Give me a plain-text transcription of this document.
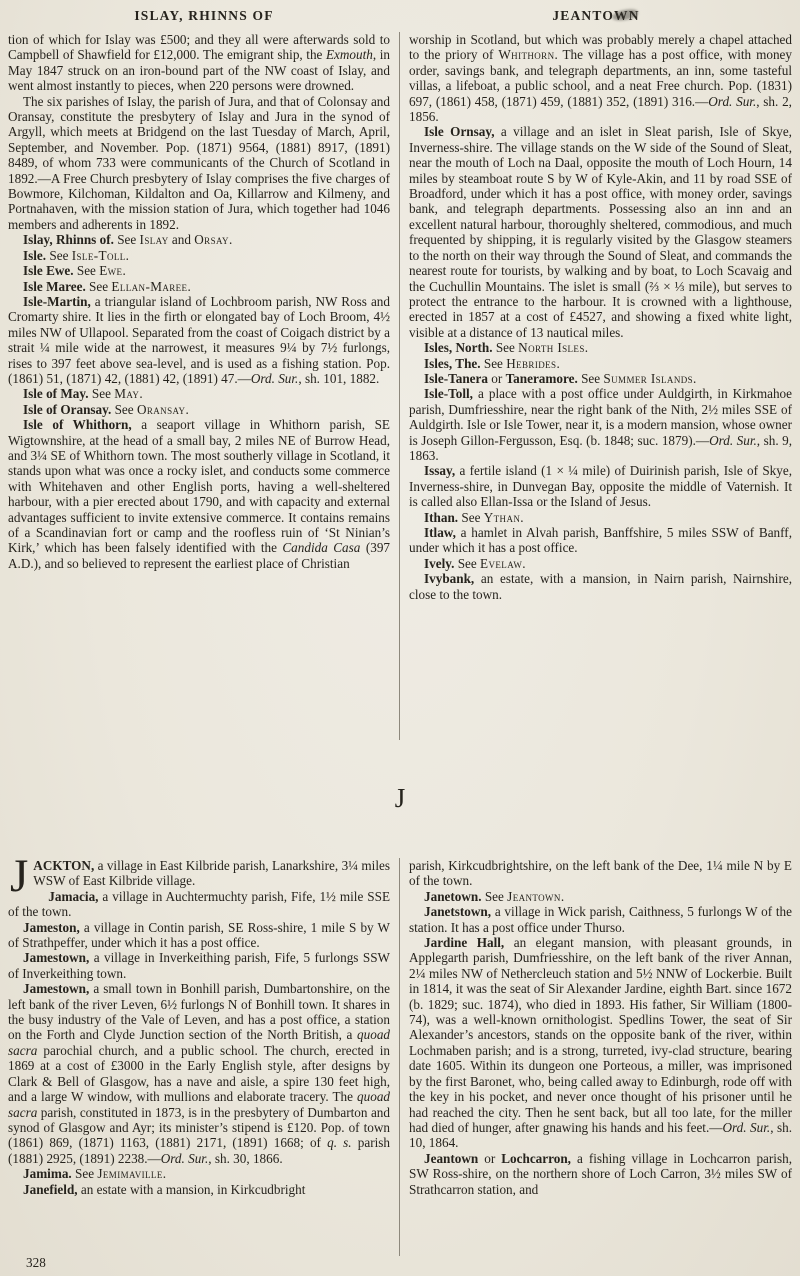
ISLAY, RHINNS OF	JEANTOWN

tion of which for Islay was £500; and they all were afterwards sold to Campbell of Shawfield for £12,000. The emigrant ship, the Exmouth, in May 1847 struck on an iron-bound part of the NW coast of Islay, and went almost instantly to pieces, when 220 persons were drowned.

The six parishes of Islay, the parish of Jura, and that of Colonsay and Oransay, constitute the presbytery of Islay and Jura in the synod of Argyll, which meets at Bridgend on the last Tuesday of March, April, September, and November. Pop. (1871) 9564, (1881) 8917, (1891) 8489, of whom 733 were communicants of the Church of Scotland in 1892.—A Free Church presbytery of Islay comprises the five charges of Bowmore, Kilchoman, Kildalton and Oa, Killarrow and Kilmeny, and Portnahaven, with the mission station of Jura, which together had 1046 members and adherents in 1892.

Islay, Rhinns of. See Islay and Orsay.

Isle. See Isle-Toll.

Isle Ewe. See Ewe.

Isle Maree. See Ellan-Maree.

Isle-Martin, a triangular island of Lochbroom parish, NW Ross and Cromarty shire. It lies in the firth or elongated bay of Loch Broom, 4½ miles NW of Ullapool. Separated from the coast of Coigach district by a strait ¼ mile wide at the narrowest, it measures 9¼ by 7½ furlongs, rises to 397 feet above sea-level, and is used as a fishing station. Pop. (1861) 51, (1871) 42, (1881) 42, (1891) 47.—Ord. Sur., sh. 101, 1882.

Isle of May. See May.

Isle of Oransay. See Oransay.

Isle of Whithorn, a seaport village in Whithorn parish, SE Wigtownshire, at the head of a small bay, 2 miles NE of Burrow Head, and 3¼ SE of Whithorn town. The most southerly village in Scotland, it stands upon what was once a rocky islet, and conducts some commerce with Whitehaven and other English ports, having a well-sheltered harbour, with a pier erected about 1790, and with capacity and external advantages sufficient to invite extensive commerce. It contains remains of a Scandinavian fort or camp and the roofless ruin of ‘St Ninian’s Kirk,’ which has been falsely identified with the Candida Casa (397 A.D.), and so believed to represent the earliest place of Christian

worship in Scotland, but which was probably merely a chapel attached to the priory of Whithorn. The village has a post office, with money order, savings bank, and telegraph departments, an inn, some tasteful villas, a lifeboat, a public school, and a neat Free church. Pop. (1831) 697, (1861) 458, (1871) 459, (1881) 352, (1891) 316.—Ord. Sur., sh. 2, 1856.

Isle Ornsay, a village and an islet in Sleat parish, Isle of Skye, Inverness-shire. The village stands on the W side of the Sound of Sleat, near the mouth of Loch na Daal, opposite the mouth of Loch Hourn, 14 miles by steamboat route S by W of Kyle-Akin, and 11 by road SSE of Broadford, under which it has a post office, with money order, savings bank, and telegraph departments. Possessing also an inn and an excellent natural harbour, thoroughly sheltered, commodious, and much frequented by shipping, it is regularly visited by the Glasgow steamers to the north on their way through the Sound of Sleat, and commands the nearest route for tourists, by walking and by boat, to Loch Scavaig and the Cuchullin Mountains. The islet is small (⅔ × ⅓ mile), but serves to protect the entrance to the harbour. It is crowned with a lighthouse, erected in 1857 at a cost of £4527, and showing a fixed white light, visible at a distance of 13 nautical miles.

Isles, North. See North Isles.

Isles, The. See Hebrides.

Isle-Tanera or Taneramore. See Summer Islands.

Isle-Toll, a place with a post office under Auldgirth, in Kirkmahoe parish, Dumfriesshire, near the right bank of the Nith, 2½ miles SSE of Auldgirth. Isle or Isle Tower, near it, is a modern mansion, whose owner is Joseph Gillon-Fergusson, Esq. (b. 1848; suc. 1879).—Ord. Sur., sh. 9, 1863.

Issay, a fertile island (1 × ¼ mile) of Duirinish parish, Isle of Skye, Inverness-shire, in Dunvegan Bay, opposite the middle of Vaternish. It is called also Ellan-Issa or the Island of Jesus.

Ithan. See Ythan.

Itlaw, a hamlet in Alvah parish, Banffshire, 5 miles SSW of Banff, under which it has a post office.

Ively. See Evelaw.

Ivybank, an estate, with a mansion, in Nairn parish, Nairnshire, close to the town.

J

JACKTON, a village in East Kilbride parish, Lanarkshire, 3¼ miles WSW of East Kilbride village.

Jamacia, a village in Auchtermuchty parish, Fife, 1½ mile SSE of the town.

Jameston, a village in Contin parish, SE Ross-shire, 1 mile S by W of Strathpeffer, under which it has a post office.

Jamestown, a village in Inverkeithing parish, Fife, 5 furlongs SSW of Inverkeithing town.

Jamestown, a small town in Bonhill parish, Dumbartonshire, on the left bank of the river Leven, 6½ furlongs N of Bonhill town. It shares in the busy industry of the Vale of Leven, and has a post office, a station on the Forth and Clyde Junction section of the North British, a quoad sacra parochial church, and a public school. The church, erected in 1869 at a cost of £3000 in the Early English style, after designs by Clark & Bell of Glasgow, has a nave and aisle, a spire 130 feet high, and a large W window, with mullions and elaborate tracery. The quoad sacra parish, constituted in 1873, is in the presbytery of Dumbarton and synod of Glasgow and Ayr; its minister’s stipend is £120. Pop. of town (1861) 869, (1871) 1163, (1881) 2171, (1891) 1668; of q. s. parish (1881) 2925, (1891) 2238.—Ord. Sur., sh. 30, 1866.

Jamima. See Jemimaville.

Janefield, an estate with a mansion, in Kirkcudbright

parish, Kirkcudbrightshire, on the left bank of the Dee, 1¼ mile N by E of the town.

Janetown. See Jeantown.

Janetstown, a village in Wick parish, Caithness, 5 furlongs W of the station. It has a post office under Thurso.

Jardine Hall, an elegant mansion, with pleasant grounds, in Applegarth parish, Dumfriesshire, on the left bank of the river Annan, 2¼ miles NW of Nethercleuch station and 5½ NNW of Lockerbie. Built in 1814, it was the seat of Sir Alexander Jardine, eighth Bart. since 1672 (b. 1829; suc. 1874), who died in 1893. His father, Sir William (1800-74), was a well-known ornithologist. Spedlins Tower, the seat of Sir Alexander’s ancestors, stands on the opposite bank of the river, within Lochmaben parish; and is a strong, turreted, ivy-clad structure, bearing date 1605. Within its dungeon one Porteous, a miller, was imprisoned by the first Baronet, who, being called away to Edinburgh, rode off with the key in his pocket, and never once thought of his prisoner until he had reached the city. Then he sent back, but all too late, for the miller had died of hunger, after gnawing his hands and his feet.—Ord. Sur., sh. 10, 1864.

Jeantown or Lochcarron, a fishing village in Lochcarron parish, SW Ross-shire, on the northern shore of Loch Carron, 3½ miles SW of Strathcarron station, and

328
